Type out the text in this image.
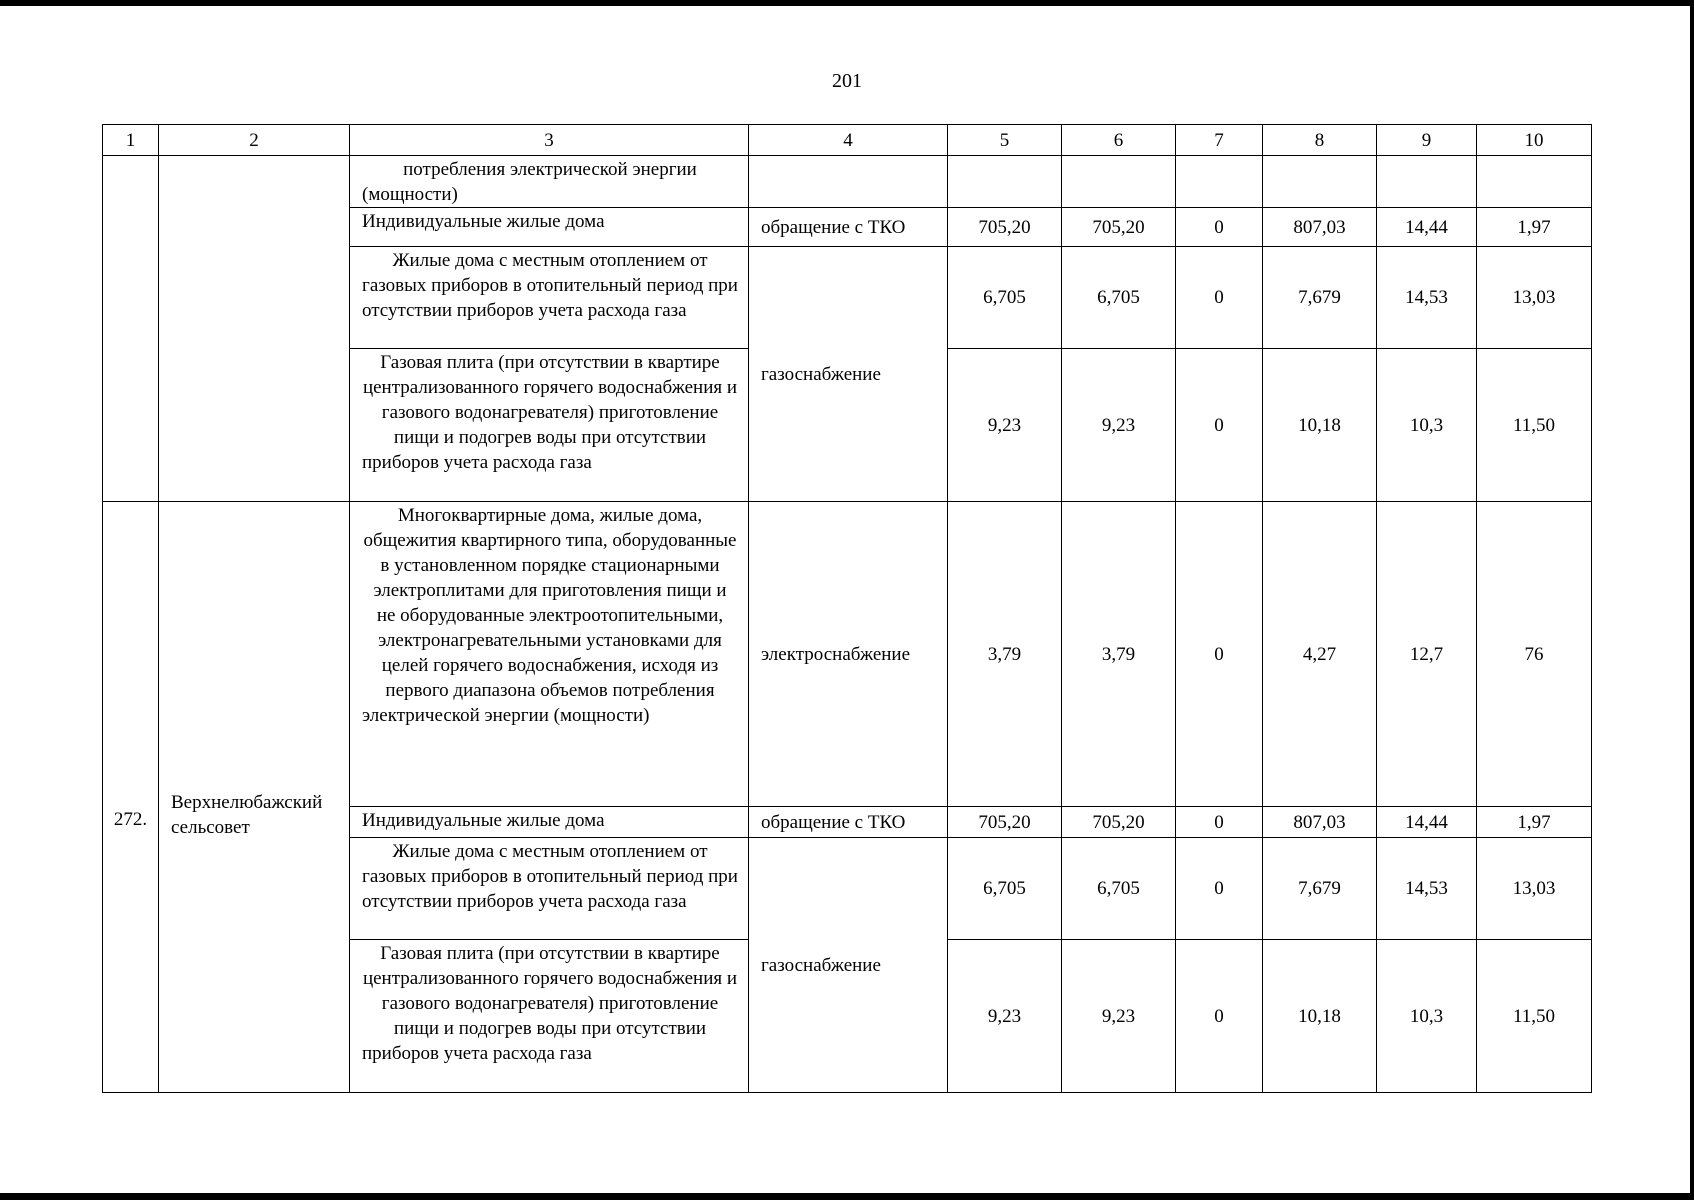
201
1	2	3	4	5	6	7	8	9	10
		потребления электрической энергии (мощности)							
		Индивидуальные жилые дома	обращение с ТКО	705,20	705,20	0	807,03	14,44	1,97
		Жилые дома с местным отоплением от газовых приборов в отопительный период при отсутствии приборов учета расхода газа	газоснабжение	6,705	6,705	0	7,679	14,53	13,03
		Газовая плита (при отсутствии в квартире централизованного горячего водоснабжения и газового водонагревателя) приготовление пищи и подогрев воды при отсутствии приборов учета расхода газа		9,23	9,23	0	10,18	10,3	11,50
272.	Верхнелюбажский сельсовет	Многоквартирные дома, жилые дома, общежития квартирного типа, оборудованные в установленном порядке стационарными электроплитами для приготовления пищи и не оборудованные электроотопительными, электронагревательными установками для целей горячего водоснабжения, исходя из первого диапазона объемов потребления электрической энергии (мощности)	электроснабжение	3,79	3,79	0	4,27	12,7	76
		Индивидуальные жилые дома	обращение с ТКО	705,20	705,20	0	807,03	14,44	1,97
		Жилые дома с местным отоплением от газовых приборов в отопительный период при отсутствии приборов учета расхода газа	газоснабжение	6,705	6,705	0	7,679	14,53	13,03
		Газовая плита (при отсутствии в квартире централизованного горячего водоснабжения и газового водонагревателя) приготовление пищи и подогрев воды при отсутствии приборов учета расхода газа		9,23	9,23	0	10,18	10,3	11,50
